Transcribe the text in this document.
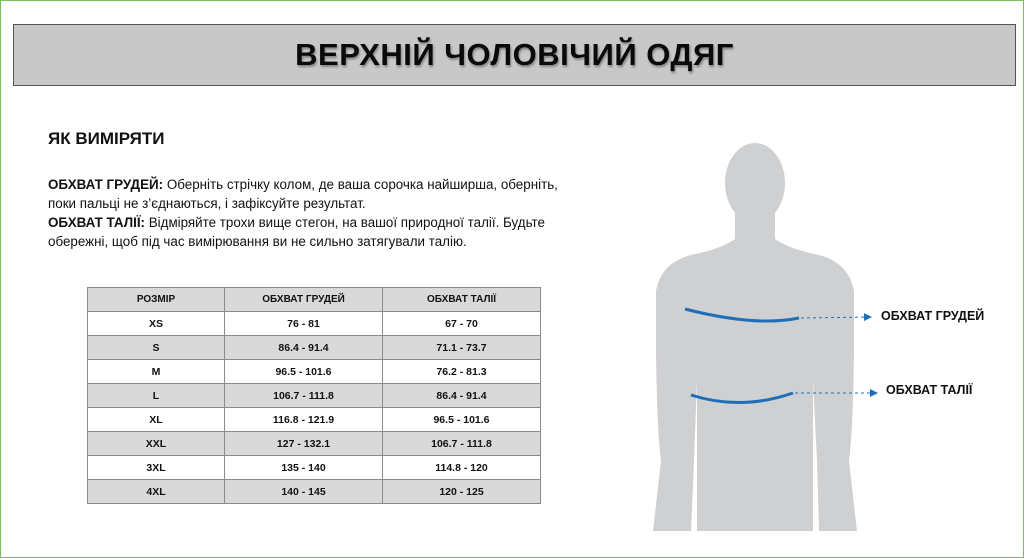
ВЕРХНІЙ ЧОЛОВІЧИЙ ОДЯГ
ЯК ВИМІРЯТИ

ОБХВАТ ГРУДЕЙ: Оберніть стрічку колом, де ваша сорочка найширша, оберніть, поки пальці не з’єднаються, і зафіксуйте результат.

ОБХВАТ ТАЛІЇ: Відміряйте трохи вище стегон, на вашої природної талії. Будьте обережні, щоб під час вимірювання ви не сильно затягували талію.

РОЗМІР	ОБХВАТ ГРУДЕЙ	ОБХВАТ ТАЛІЇ
XS	76 - 81	67 - 70
S	86.4 - 91.4	71.1 - 73.7
M	96.5 - 101.6	76.2 - 81.3
L	106.7 - 111.8	86.4 - 91.4
XL	116.8 - 121.9	96.5 - 101.6
XXL	127 - 132.1	106.7 - 111.8
3XL	135 - 140	114.8 - 120
4XL	140 - 145	120 - 125
ОБХВАТ ГРУДЕЙ
ОБХВАТ ТАЛІЇ
